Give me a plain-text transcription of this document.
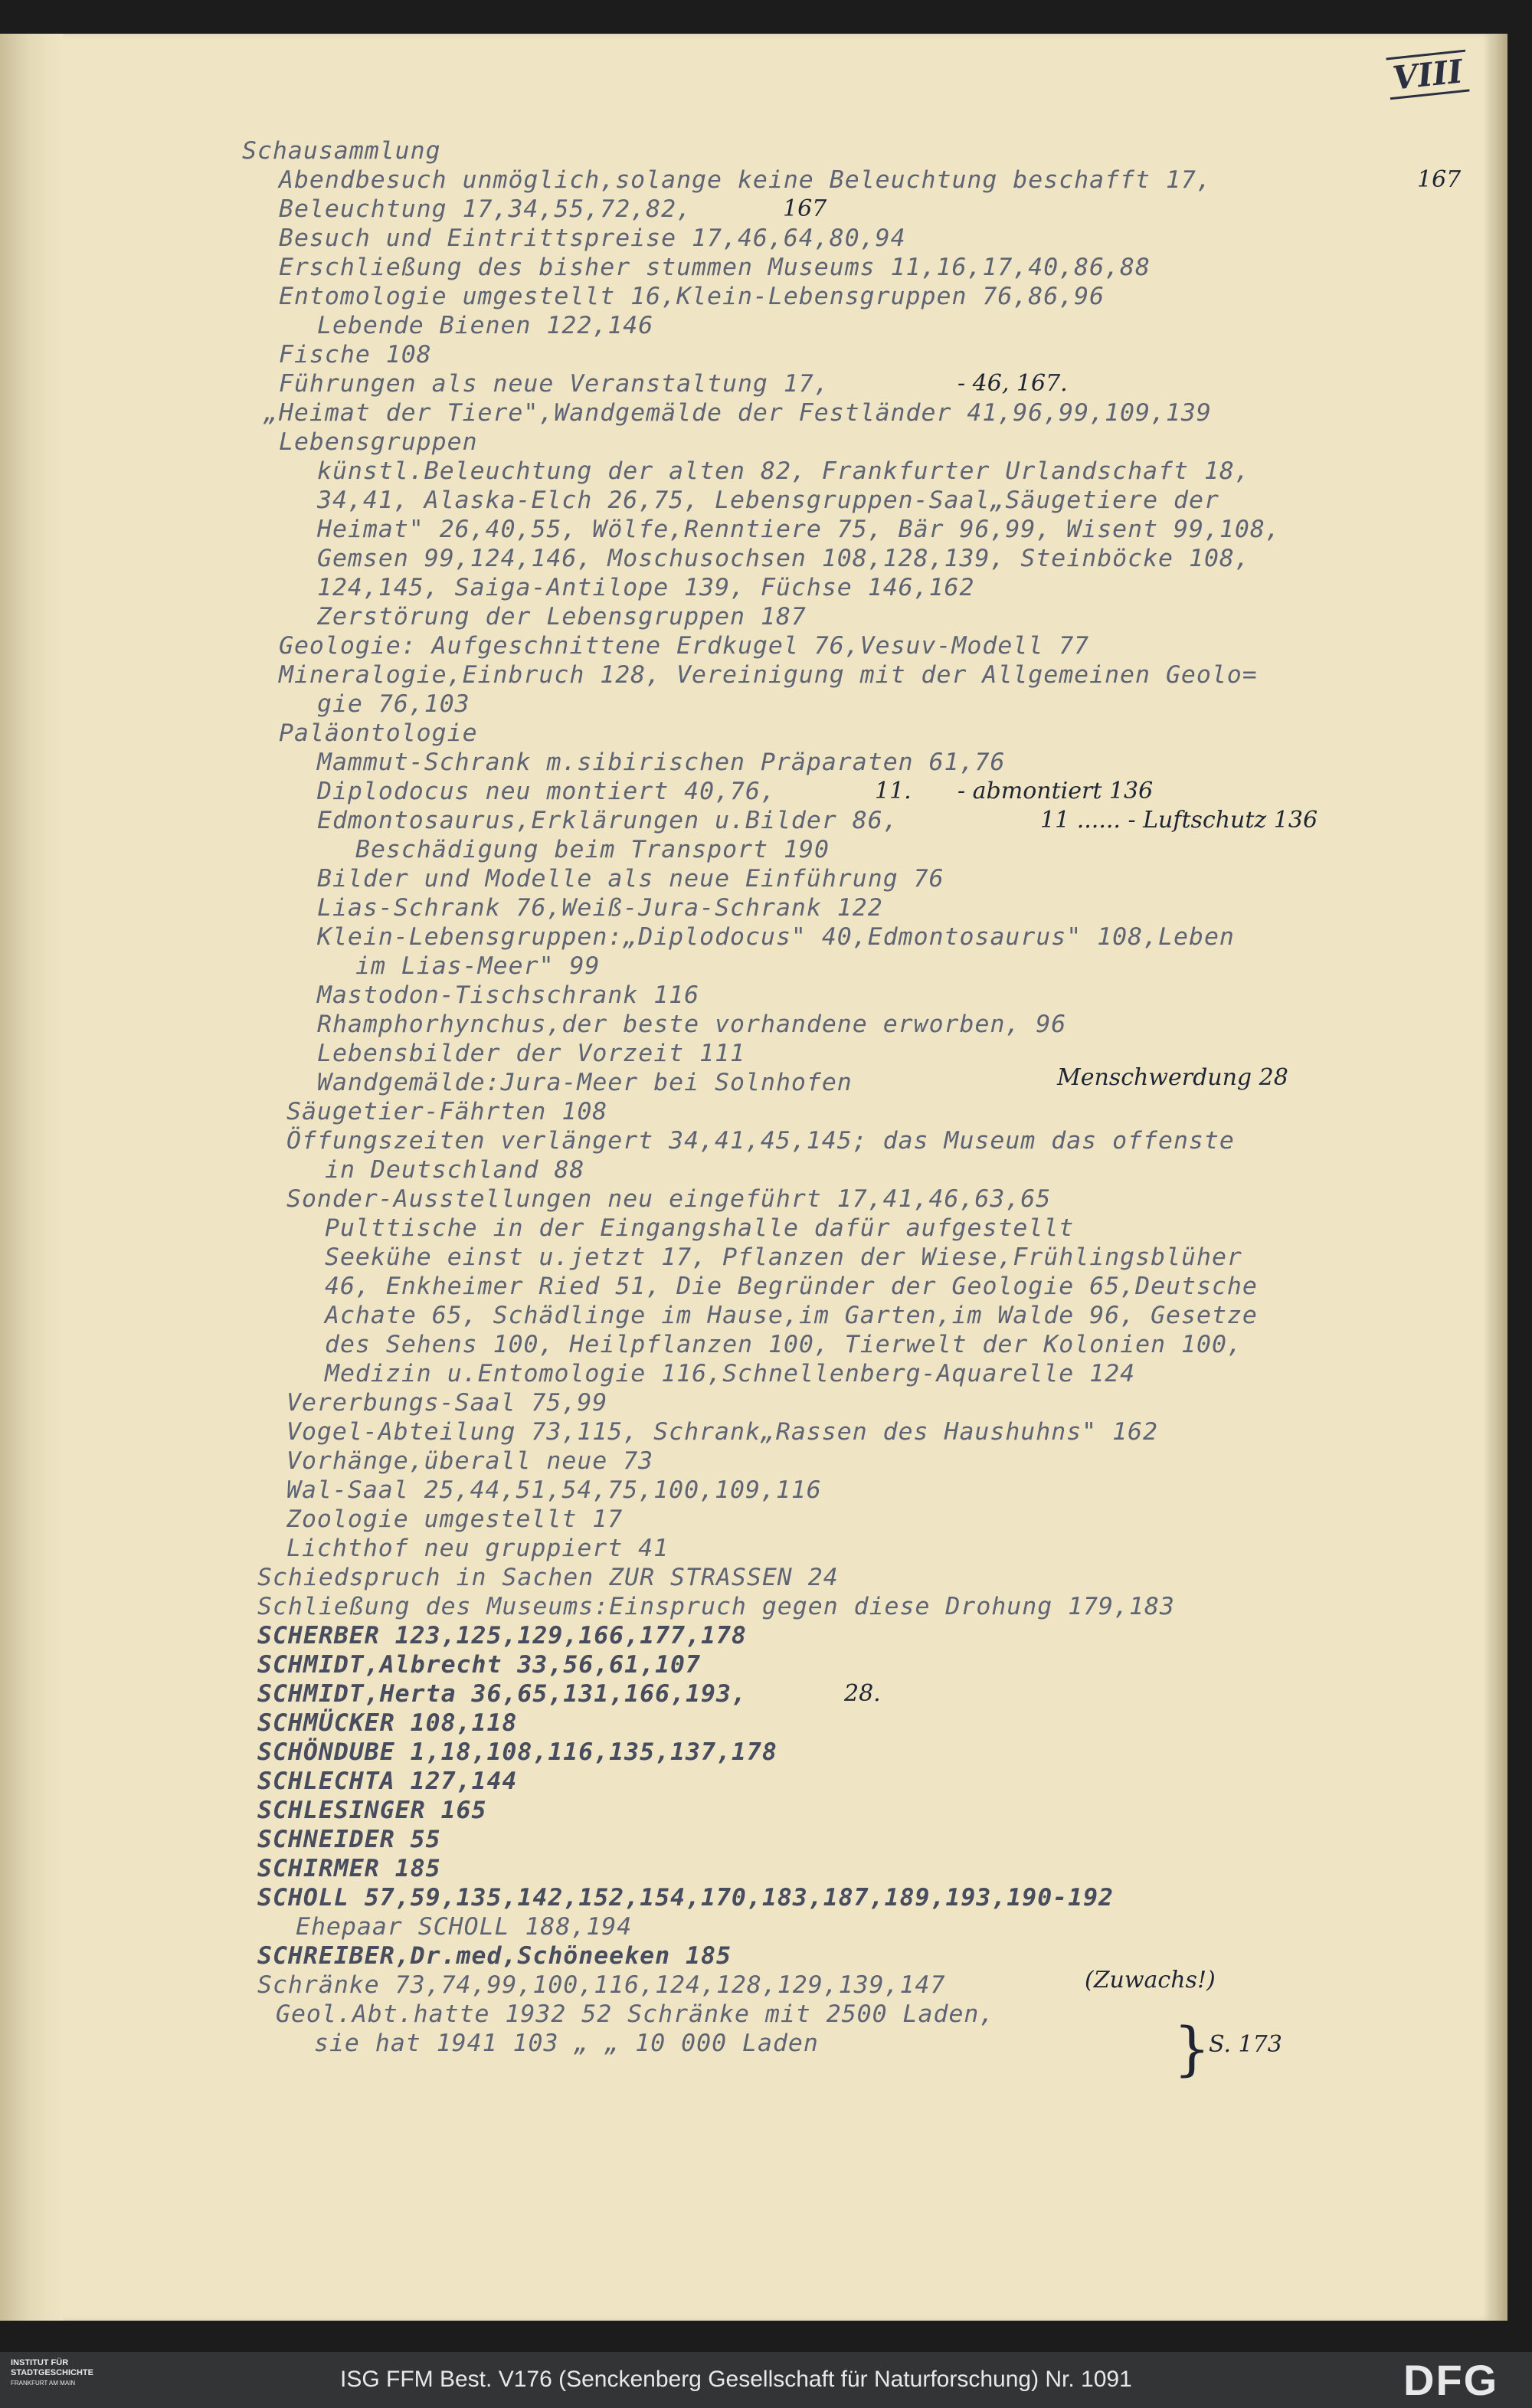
VIII
Schausammlung
Abendbesuch unmöglich,solange keine Beleuchtung beschafft 17,
Beleuchtung 17,34,55,72,82,
Besuch und Eintrittspreise 17,46,64,80,94
Erschließung des bisher stummen Museums 11,16,17,40,86,88
Entomologie umgestellt 16,Klein-Lebensgruppen 76,86,96
Lebende Bienen 122,146
Fische 108
Führungen als neue Veranstaltung 17,
„Heimat der Tiere",Wandgemälde der Festländer 41,96,99,109,139
Lebensgruppen
künstl.Beleuchtung der alten 82, Frankfurter Urlandschaft 18,
34,41, Alaska-Elch 26,75, Lebensgruppen-Saal„Säugetiere der
Heimat" 26,40,55, Wölfe,Renntiere 75, Bär 96,99, Wisent 99,108,
Gemsen 99,124,146, Moschusochsen 108,128,139, Steinböcke 108,
124,145, Saiga-Antilope 139, Füchse 146,162
Zerstörung der Lebensgruppen 187
Geologie: Aufgeschnittene Erdkugel 76,Vesuv-Modell 77
Mineralogie,Einbruch 128, Vereinigung mit der Allgemeinen Geolo=
gie 76,103
Paläontologie
Mammut-Schrank m.sibirischen Präparaten 61,76
Diplodocus neu montiert 40,76,
Edmontosaurus,Erklärungen u.Bilder 86,
Beschädigung beim Transport 190
Bilder und Modelle als neue Einführung 76
Lias-Schrank 76,Weiß-Jura-Schrank 122
Klein-Lebensgruppen:„Diplodocus" 40,Edmontosaurus" 108,Leben
im Lias-Meer" 99
Mastodon-Tischschrank 116
Rhamphorhynchus,der beste vorhandene erworben, 96
Lebensbilder der Vorzeit 111
Wandgemälde:Jura-Meer bei Solnhofen
Säugetier-Fährten 108
Öffungszeiten verlängert 34,41,45,145; das Museum das offenste
in Deutschland 88
Sonder-Ausstellungen neu eingeführt 17,41,46,63,65
Pulttische in der Eingangshalle dafür aufgestellt
Seekühe einst u.jetzt 17, Pflanzen der Wiese,Frühlingsblüher
46, Enkheimer Ried 51, Die Begründer der Geologie 65,Deutsche
Achate 65, Schädlinge im Hause,im Garten,im Walde 96, Gesetze
des Sehens 100, Heilpflanzen 100, Tierwelt der Kolonien 100,
Medizin u.Entomologie 116,Schnellenberg-Aquarelle 124
Vererbungs-Saal 75,99
Vogel-Abteilung 73,115, Schrank„Rassen des Haushuhns" 162
Vorhänge,überall neue 73
Wal-Saal 25,44,51,54,75,100,109,116
Zoologie umgestellt 17
Lichthof neu gruppiert 41
Schiedspruch in Sachen ZUR STRASSEN 24
Schließung des Museums:Einspruch gegen diese Drohung 179,183
SCHERBER 123,125,129,166,177,178
SCHMIDT,Albrecht 33,56,61,107
SCHMIDT,Herta 36,65,131,166,193,
SCHMÜCKER 108,118
SCHÖNDUBE 1,18,108,116,135,137,178
SCHLECHTA 127,144
SCHLESINGER 165
SCHNEIDER 55
SCHIRMER 185
SCHOLL 57,59,135,142,152,154,170,183,187,189,193,190-192
Ehepaar SCHOLL 188,194
SCHREIBER,Dr.med,Schöneeken 185
Schränke 73,74,99,100,116,124,128,129,139,147
Geol.Abt.hatte 1932 52 Schränke mit 2500 Laden,
sie hat 1941 103 „ „ 10 000 Laden
167
167
- 46, 167.
11. - abmontiert 136
11 ...... - Luftschutz 136
Menschwerdung 28
28.
(Zuwachs!)
}
S. 173
INSTITUT FÜR
STADTGESCHICHTE
FRANKFURT AM MAIN	ISG FFM Best. V176 (Senckenberg Gesellschaft für Naturforschung) Nr. 1091	DFG
